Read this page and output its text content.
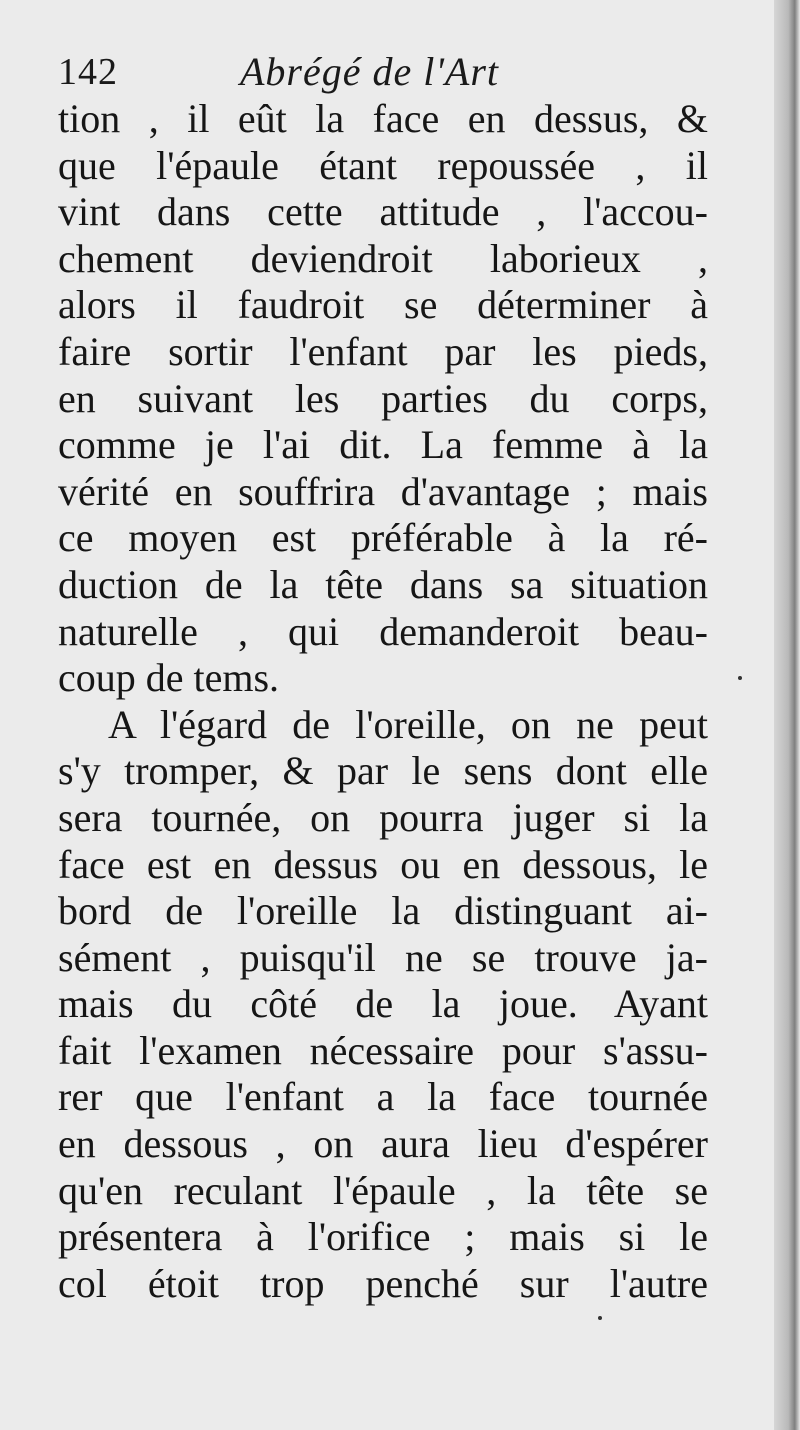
142	Abrégé de l'Art
tion , il eût la face en dessus, &
que l'épaule étant repoussée , il
vint dans cette attitude , l'accou-
chement deviendroit laborieux ,
alors il faudroit se déterminer à
faire sortir l'enfant par les pieds,
en suivant les parties du corps,
comme je l'ai dit. La femme à la
vérité en souffrira d'avantage ; mais
ce moyen est préférable à la ré-
duction de la tête dans sa situation
naturelle , qui demanderoit beau-
coup de tems.
A l'égard de l'oreille, on ne peut
s'y tromper, & par le sens dont elle
sera tournée, on pourra juger si la
face est en dessus ou en dessous, le
bord de l'oreille la distinguant ai-
sément , puisqu'il ne se trouve ja-
mais du côté de la joue. Ayant
fait l'examen nécessaire pour s'assu-
rer que l'enfant a la face tournée
en dessous , on aura lieu d'espérer
qu'en reculant l'épaule , la tête se
présentera à l'orifice ; mais si le
col étoit trop penché sur l'autre
